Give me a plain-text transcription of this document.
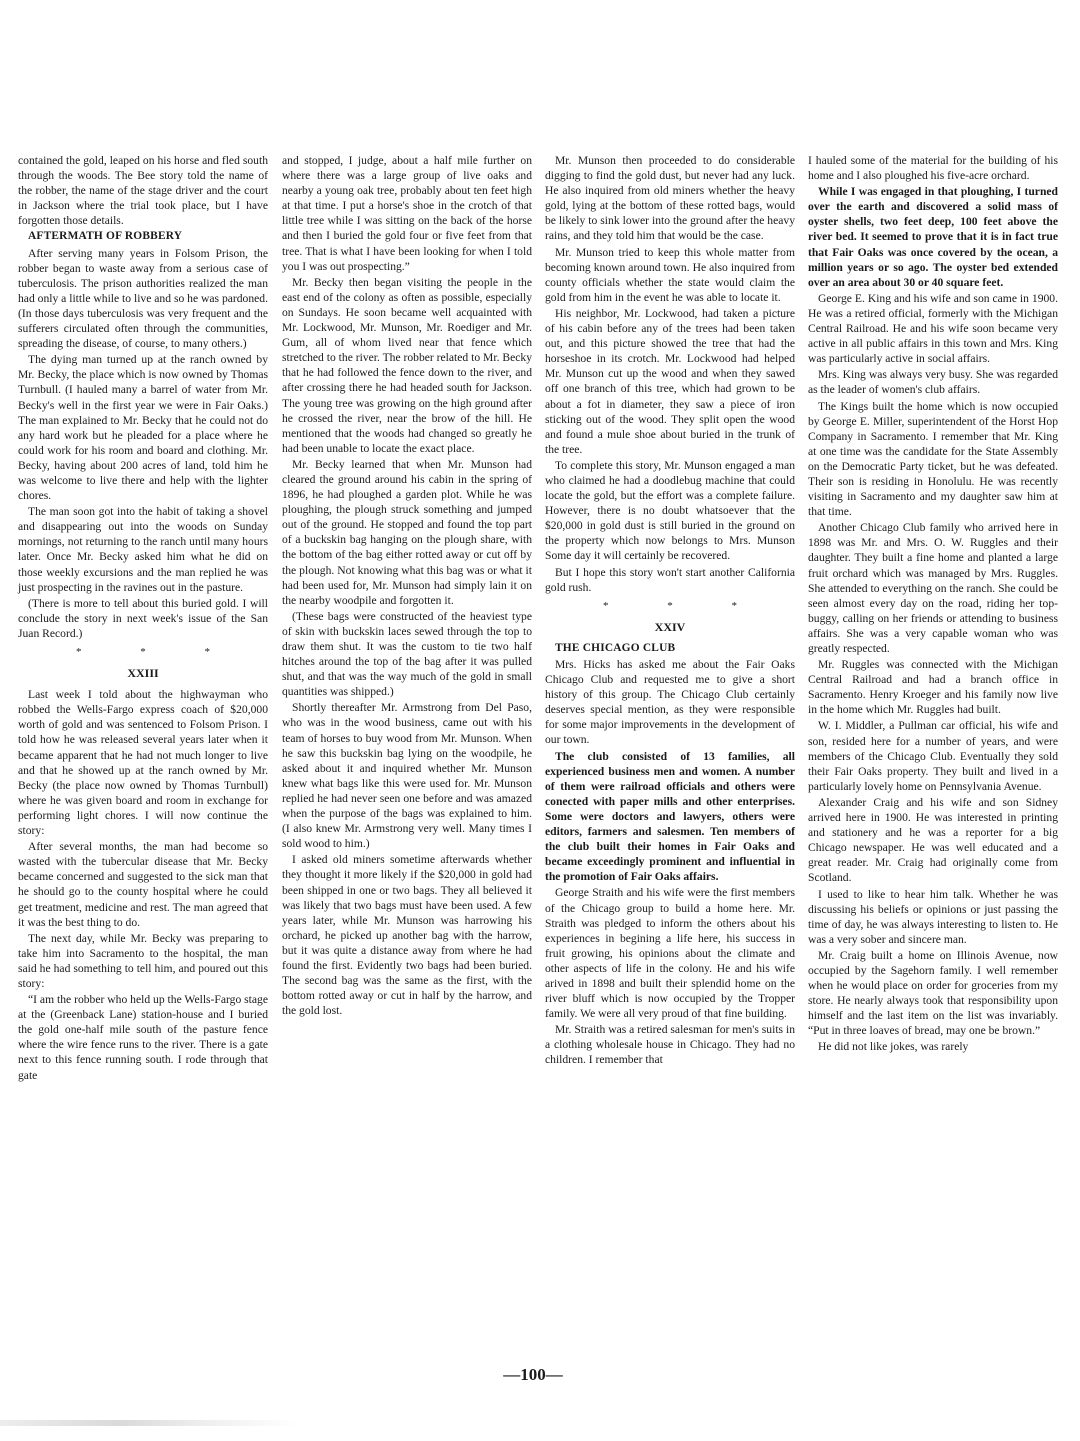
contained the gold, leaped on his horse and fled south through the woods. The Bee story told the name of the robber, the name of the stage driver and the court in Jackson where the trial took place, but I have forgotten those details.

AFTERMATH OF ROBBERY

After serving many years in Folsom Prison, the robber began to waste away from a serious case of tuberculosis. The prison authorities realized the man had only a little while to live and so he was pardoned. (In those days tuberculosis was very frequent and the sufferers circulated often through the communities, spreading the disease, of course, to many others.)

The dying man turned up at the ranch owned by Mr. Becky, the place which is now owned by Thomas Turnbull. (I hauled many a barrel of water from Mr. Becky's well in the first year we were in Fair Oaks.) The man explained to Mr. Becky that he could not do any hard work but he pleaded for a place where he could work for his room and board and clothing. Mr. Becky, having about 200 acres of land, told him he was welcome to live there and help with the lighter chores.

The man soon got into the habit of taking a shovel and disappearing out into the woods on Sunday mornings, not returning to the ranch until many hours later. Once Mr. Becky asked him what he did on those weekly excursions and the man replied he was just prospecting in the ravines out in the pasture.

(There is more to tell about this buried gold. I will conclude the story in next week's issue of the San Juan Record.)

* * *
XXIII

Last week I told about the highwayman who robbed the Wells-Fargo express coach of $20,000 worth of gold and was sentenced to Folsom Prison. I told how he was released several years later when it became apparent that he had not much longer to live and that he showed up at the ranch owned by Mr. Becky (the place now owned by Thomas Turnbull) where he was given board and room in exchange for performing light chores. I will now continue the story:

After several months, the man had become so wasted with the tubercular disease that Mr. Becky became concerned and suggested to the sick man that he should go to the county hospital where he could get treatment, medicine and rest. The man agreed that it was the best thing to do.

The next day, while Mr. Becky was preparing to take him into Sacramento to the hospital, the man said he had something to tell him, and poured out this story:

“I am the robber who held up the Wells-Fargo stage at the (Greenback Lane) station-house and I buried the gold one-half mile south of the pasture fence where the wire fence runs to the river. There is a gate next to this fence running south. I rode through that gate

and stopped, I judge, about a half mile further on where there was a large group of live oaks and nearby a young oak tree, probably about ten feet high at that time. I put a horse's shoe in the crotch of that little tree while I was sitting on the back of the horse and then I buried the gold four or five feet from that tree. That is what I have been looking for when I told you I was out prospecting.”

Mr. Becky then began visiting the people in the east end of the colony as often as possible, especially on Sundays. He soon became well acquainted with Mr. Lockwood, Mr. Munson, Mr. Roediger and Mr. Gum, all of whom lived near that fence which stretched to the river. The robber related to Mr. Becky that he had followed the fence down to the river, and after crossing there he had headed south for Jackson. The young tree was growing on the high ground after he crossed the river, near the brow of the hill. He mentioned that the woods had changed so greatly he had been unable to locate the exact place.

Mr. Becky learned that when Mr. Munson had cleared the ground around his cabin in the spring of 1896, he had ploughed a garden plot. While he was ploughing, the plough struck something and jumped out of the ground. He stopped and found the top part of a buckskin bag hanging on the plough share, with the bottom of the bag either rotted away or cut off by the plough. Not knowing what this bag was or what it had been used for, Mr. Munson had simply lain it on the nearby woodpile and forgotten it.

(These bags were constructed of the heaviest type of skin with buckskin laces sewed through the top to draw them shut. It was the custom to tie two half hitches around the top of the bag after it was pulled shut, and that was the way much of the gold in small quantities was shipped.)

Shortly thereafter Mr. Armstrong from Del Paso, who was in the wood business, came out with his team of horses to buy wood from Mr. Munson. When he saw this buckskin bag lying on the woodpile, he asked about it and inquired whether Mr. Munson knew what bags like this were used for. Mr. Munson replied he had never seen one before and was amazed when the purpose of the bags was explained to him. (I also knew Mr. Armstrong very well. Many times I sold wood to him.)

I asked old miners sometime afterwards whether they thought it more likely if the $20,000 in gold had been shipped in one or two bags. They all believed it was likely that two bags must have been used. A few years later, while Mr. Munson was harrowing his orchard, he picked up another bag with the harrow, but it was quite a distance away from where he had found the first. Evidently two bags had been buried. The second bag was the same as the first, with the bottom rotted away or cut in half by the harrow, and the gold lost.

Mr. Munson then proceeded to do considerable digging to find the gold dust, but never had any luck. He also inquired from old miners whether the heavy gold, lying at the bottom of these rotted bags, would be likely to sink lower into the ground after the heavy rains, and they told him that would be the case.

Mr. Munson tried to keep this whole matter from becoming known around town. He also inquired from county officials whether the state would claim the gold from him in the event he was able to locate it.

His neighbor, Mr. Lockwood, had taken a picture of his cabin before any of the trees had been taken out, and this picture showed the tree that had the horseshoe in its crotch. Mr. Lockwood had helped Mr. Munson cut up the wood and when they sawed off one branch of this tree, which had grown to be about a fot in diameter, they saw a piece of iron sticking out of the wood. They split open the wood and found a mule shoe about buried in the trunk of the tree.

To complete this story, Mr. Munson engaged a man who claimed he had a doodlebug machine that could locate the gold, but the effort was a complete failure. However, there is no doubt whatsoever that the $20,000 in gold dust is still buried in the ground on the property which now belongs to Mrs. Munson Some day it will certainly be recovered.

But I hope this story won't start another California gold rush.

* * *
XXIV

THE CHICAGO CLUB

Mrs. Hicks has asked me about the Fair Oaks Chicago Club and requested me to give a short history of this group. The Chicago Club certainly deserves special mention, as they were responsible for some major improvements in the development of our town.

The club consisted of 13 families, all experienced business men and women. A number of them were railroad officials and others were conected with paper mills and other enterprises. Some were doctors and lawyers, others were editors, farmers and salesmen. Ten members of the club built their homes in Fair Oaks and became exceedingly prominent and influential in the promotion of Fair Oaks affairs.

George Straith and his wife were the first members of the Chicago group to build a home here. Mr. Straith was pledged to inform the others about his experiences in begining a life here, his success in fruit growing, his opinions about the climate and other aspects of life in the colony. He and his wife arived in 1898 and built their splendid home on the river bluff which is now occupied by the Tropper family. We were all very proud of that fine building.

Mr. Straith was a retired salesman for men's suits in a clothing wholesale house in Chicago. They had no children. I remember that

I hauled some of the material for the building of his home and I also ploughed his five-acre orchard.

While I was engaged in that ploughing, I turned over the earth and discovered a solid mass of oyster shells, two feet deep, 100 feet above the river bed. It seemed to prove that it is in fact true that Fair Oaks was once covered by the ocean, a million years or so ago. The oyster bed extended over an area about 30 or 40 square feet.

George E. King and his wife and son came in 1900. He was a retired official, formerly with the Michigan Central Railroad. He and his wife soon became very active in all public affairs in this town and Mrs. King was particularly active in social affairs.

Mrs. King was always very busy. She was regarded as the leader of women's club affairs.

The Kings built the home which is now occupied by George E. Miller, superintendent of the Horst Hop Company in Sacramento. I remember that Mr. King at one time was the candidate for the State Assembly on the Democratic Party ticket, but he was defeated. Their son is residing in Honolulu. He was recently visiting in Sacramento and my daughter saw him at that time.

Another Chicago Club family who arrived here in 1898 was Mr. and Mrs. O. W. Ruggles and their daughter. They built a fine home and planted a large fruit orchard which was managed by Mrs. Ruggles. She attended to everything on the ranch. She could be seen almost every day on the road, riding her top-buggy, calling on her friends or attending to business affairs. She was a very capable woman who was greatly respected.

Mr. Ruggles was connected with the Michigan Central Railroad and had a branch office in Sacramento. Henry Kroeger and his family now live in the home which Mr. Ruggles had built.

W. I. Middler, a Pullman car official, his wife and son, resided here for a number of years, and were members of the Chicago Club. Eventually they sold their Fair Oaks property. They built and lived in a particularly lovely home on Pennsylvania Avenue.

Alexander Craig and his wife and son Sidney arrived here in 1900. He was interested in printing and stationery and he was a reporter for a big Chicago newspaper. He was well educated and a great reader. Mr. Craig had originally come from Scotland.

I used to like to hear him talk. Whether he was discussing his beliefs or opinions or just passing the time of day, he was always interesting to listen to. He was a very sober and sincere man.

Mr. Craig built a home on Illinois Avenue, now occupied by the Sagehorn family. I well remember when he would place on order for groceries from my store. He nearly always took that responsibility upon himself and the last item on the list was invariably. “Put in three loaves of bread, may one be brown.”

He did not like jokes, was rarely

—100—
